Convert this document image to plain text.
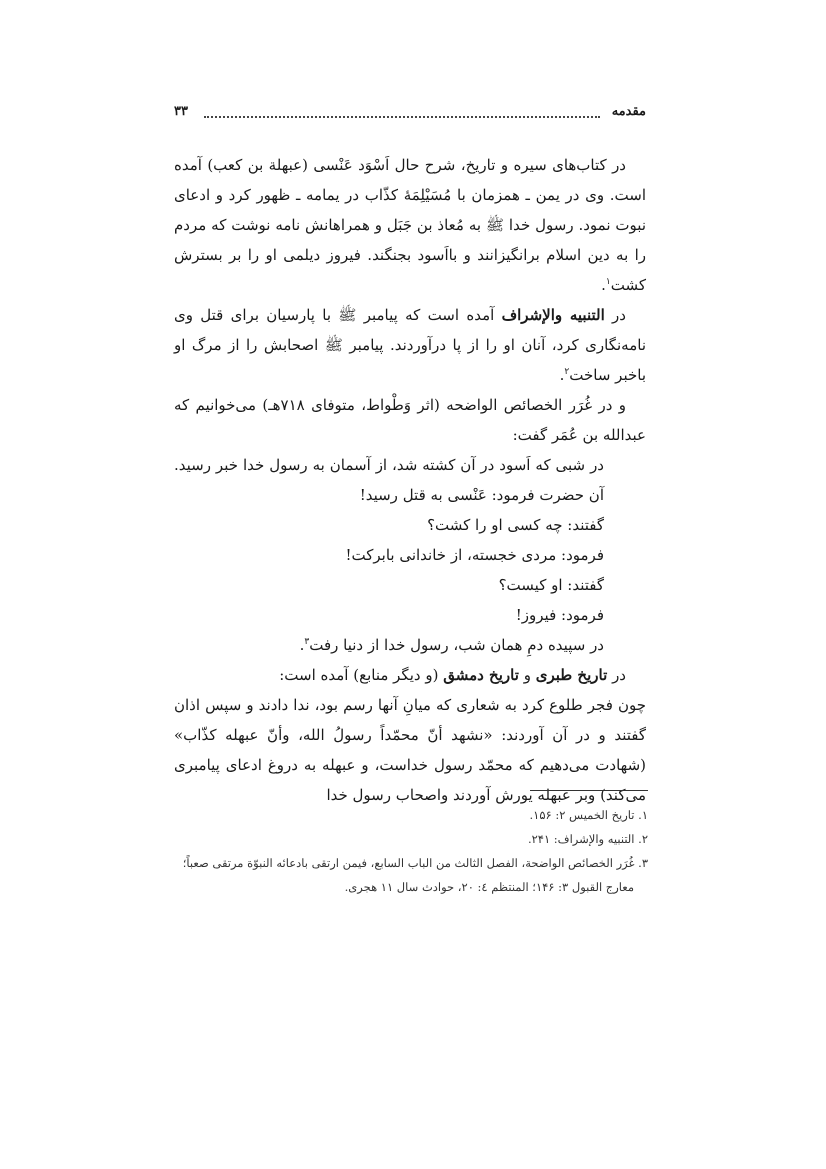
مقدمه
۳۳

در کتاب‌های سیره و تاریخ، شرح حال اَسْوَد عَنْسی (عبهلة بن کعب) آمده است. وی در یمن ـ همزمان با مُسَیْلِمَهٔ کذّاب در یمامه ـ ظهور کرد و ادعای نبوت نمود. رسول خدا ﷺ به مُعاذ بن جَبَل و همراهانش نامه نوشت که مردم را به دین اسلام برانگیزانند و بااَسود بجنگند. فیروز دیلمی او را بر بسترش کشت$^۱$.

در التنبیه والإشراف آمده است که پیامبر ﷺ با پارسیان برای قتل وی نامه‌نگاری کرد، آنان او را از پا درآوردند. پیامبر ﷺ اصحابش را از مرگ او باخبر ساخت$^۲$.

و در غُرَر الخصائص الواضحه (اثر وَطْواط، متوفای ۷۱۸هـ) می‌خوانیم که عبدالله بن عُمَر گفت:

در شبی که اَسود در آن کشته شد، از آسمان به رسول خدا خبر رسید. آن حضرت فرمود: عَنْسی به قتل رسید!

گفتند: چه کسی او را کشت؟

فرمود: مردی خجسته، از خاندانی بابرکت!

گفتند: او کیست؟

فرمود: فیروز!

در سپیده دمِ همان شب، رسول خدا از دنیا رفت$^۳$.

در تاریخ طبری و تاریخ دمشق (و دیگر منابع) آمده است:

چون فجر طلوع کرد به شعاری که میانِ آنها رسم بود، ندا دادند و سپس اذان گفتند و در آن آوردند: «نشهد أنّ محمّداً رسولُ الله، وأنّ عبهله کذّاب» (شهادت می‌دهیم که محمّد رسول خداست، و عبهله به دروغ ادعای پیامبری می‌کند) وبر عبهله یورش آوردند واصحاب رسول خدا

۱. تاریخ الخمیس ۲: ۱۵۶.

۲. التنبیه والإشراف: ۲۴۱.

۳. غُرَر الخصائص الواضحة، الفصل الثالث من الباب السابع، فیمن ارتقی بادعائه النبوّة مرتقی صعباً؛

معارج القبول ۳: ۱۴۶؛ المنتظم ٤: ۲۰، حوادث سال ۱۱ هجری.
